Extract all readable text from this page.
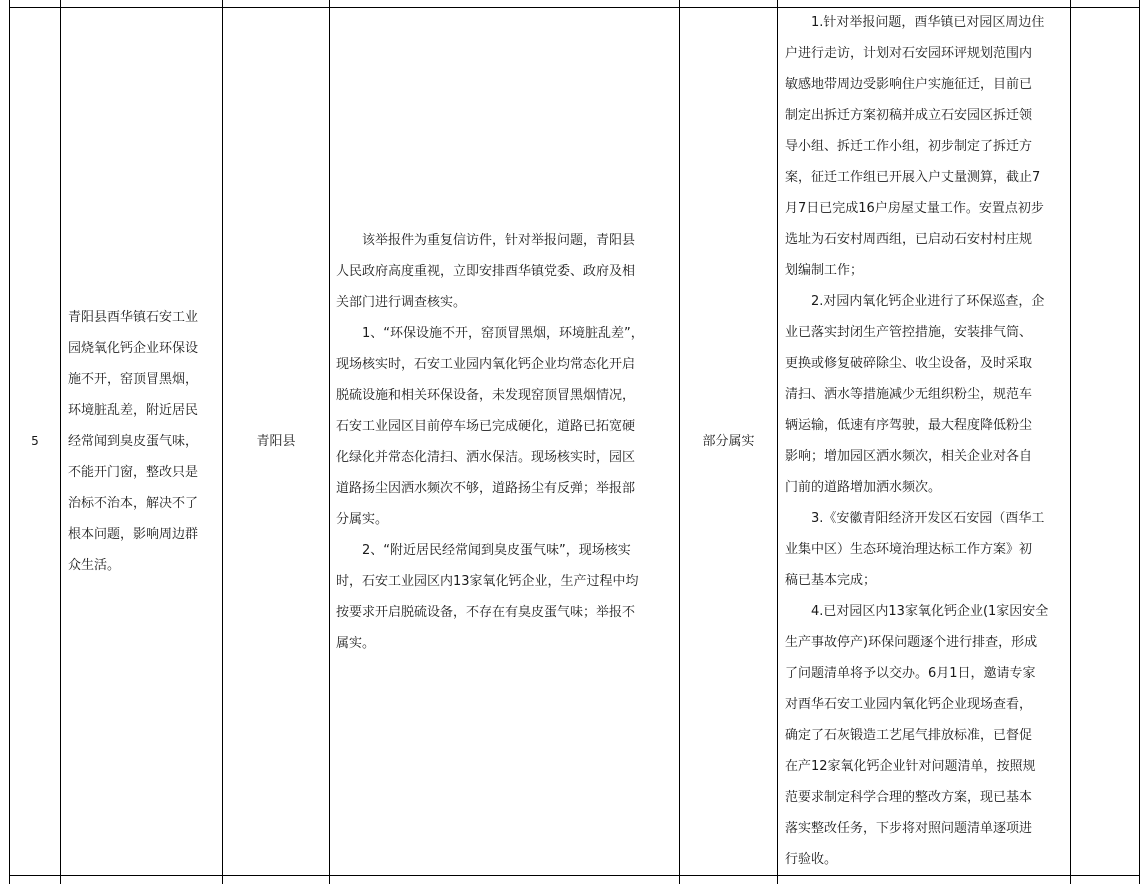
5

青阳县酉华镇石安工业

园烧氧化钙企业环保设

施不开，窑顶冒黑烟，

环境脏乱差，附近居民

经常闻到臭皮蛋气味，

不能开门窗，整改只是

治标不治本，解决不了

根本问题，影响周边群

众生活。

青阳县

该举报件为重复信访件，针对举报问题，青阳县

人民政府高度重视，立即安排酉华镇党委、政府及相

关部门进行调查核实。

1、“环保设施不开，窑顶冒黑烟，环境脏乱差”，

现场核实时，石安工业园内氧化钙企业均常态化开启

脱硫设施和相关环保设备，未发现窑顶冒黑烟情况，

石安工业园区目前停车场已完成硬化，道路已拓宽硬

化绿化并常态化清扫、洒水保洁。现场核实时，园区

道路扬尘因洒水频次不够，道路扬尘有反弹；举报部

分属实。

2、“附近居民经常闻到臭皮蛋气味”，现场核实

时，石安工业园区内13家氧化钙企业，生产过程中均

按要求开启脱硫设备，不存在有臭皮蛋气味；举报不

属实。

部分属实

1.针对举报问题，酉华镇已对园区周边住

户进行走访，计划对石安园环评规划范围内

敏感地带周边受影响住户实施征迁，目前已

制定出拆迁方案初稿并成立石安园区拆迁领

导小组、拆迁工作小组，初步制定了拆迁方

案，征迁工作组已开展入户丈量测算，截止7

月7日已完成16户房屋丈量工作。安置点初步

选址为石安村周西组，已启动石安村村庄规

划编制工作；

2.对园内氧化钙企业进行了环保巡查，企

业已落实封闭生产管控措施，安装排气筒、

更换或修复破碎除尘、收尘设备，及时采取

清扫、洒水等措施减少无组织粉尘，规范车

辆运输，低速有序驾驶，最大程度降低粉尘

影响；增加园区洒水频次，相关企业对各自

门前的道路增加洒水频次。

3.《安徽青阳经济开发区石安园（酉华工

业集中区）生态环境治理达标工作方案》初

稿已基本完成；

4.已对园区内13家氧化钙企业(1家因安全

生产事故停产)环保问题逐个进行排查，形成

了问题清单将予以交办。6月1日，邀请专家

对酉华石安工业园内氧化钙企业现场查看，

确定了石灰锻造工艺尾气排放标准，已督促

在产12家氧化钙企业针对问题清单，按照规

范要求制定科学合理的整改方案，现已基本

落实整改任务，下步将对照问题清单逐项进

行验收。
